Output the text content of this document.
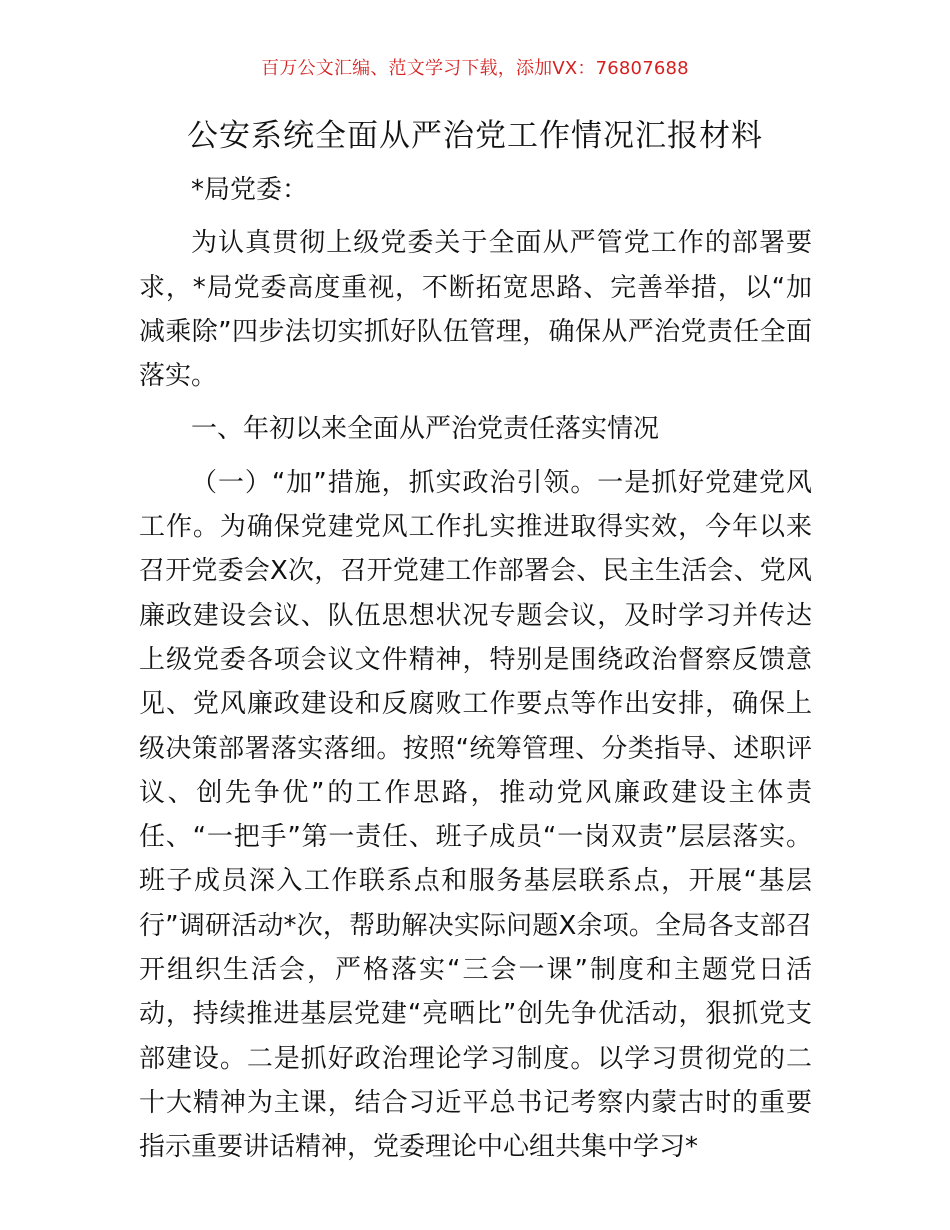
百万公文汇编、范文学习下载，添加VX：76807688
公安系统全面从严治党工作情况汇报材料

*局党委：

为认真贯彻上级党委关于全面从严管党工作的部署要求，*局党委高度重视，不断拓宽思路、完善举措，以“加减乘除”四步法切实抓好队伍管理，确保从严治党责任全面落实。

一、年初以来全面从严治党责任落实情况

（一）“加”措施，抓实政治引领。一是抓好党建党风工作。为确保党建党风工作扎实推进取得实效，今年以来召开党委会X次，召开党建工作部署会、民主生活会、党风廉政建设会议、队伍思想状况专题会议，及时学习并传达上级党委各项会议文件精神，特别是围绕政治督察反馈意见、党风廉政建设和反腐败工作要点等作出安排，确保上级决策部署落实落细。按照“统筹管理、分类指导、述职评议、创先争优”的工作思路，推动党风廉政建设主体责任、“一把手”第一责任、班子成员“一岗双责”层层落实。班子成员深入工作联系点和服务基层联系点，开展“基层行”调研活动*次，帮助解决实际问题X余项。全局各支部召开组织生活会，严格落实“三会一课”制度和主题党日活动，持续推进基层党建“亮晒比”创先争优活动，狠抓党支部建设。二是抓好政治理论学习制度。以学习贯彻党的二十大精神为主课，结合习近平总书记考察内蒙古时的重要指示重要讲话精神，党委理论中心组共集中学习*
